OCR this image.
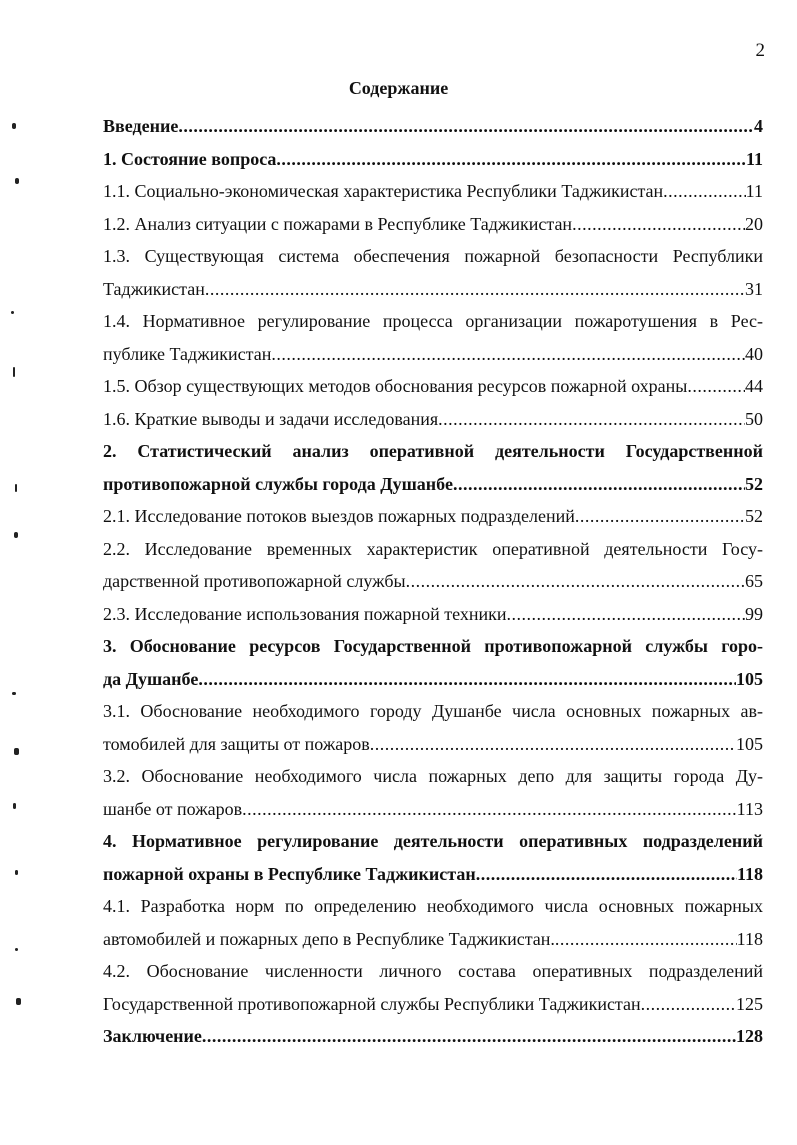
2
Содержание
Введение .....	4
1. Состояние вопроса .....	11
1.1. Социально-экономическая характеристика Республики Таджикистан .....	11
1.2. Анализ ситуации с пожарами в Республике Таджикистан .....	20
1.3. Существующая система обеспечения пожарной безопасности Республики
Таджикистан .....	31
1.4. Нормативное регулирование процесса организации пожаротушения в Рес-
публике Таджикистан .....	40
1.5. Обзор существующих методов обоснования ресурсов пожарной охраны .....	44
1.6. Краткие выводы и задачи исследования .....	50
2. Статистический анализ оперативной деятельности Государственной
противопожарной службы города Душанбе .....	52
2.1. Исследование потоков выездов пожарных подразделений .....	52
2.2. Исследование временных характеристик оперативной деятельности Госу-
дарственной противопожарной службы .....	65
2.3. Исследование использования пожарной техники .....	99
3. Обоснование ресурсов Государственной противопожарной службы горо-
да Душанбе .....	105
3.1. Обоснование необходимого городу Душанбе числа основных пожарных ав-
томобилей для защиты от пожаров .....	105
3.2. Обоснование необходимого числа пожарных депо для защиты города Ду-
шанбе от пожаров .....	113
4. Нормативное регулирование деятельности оперативных подразделений
пожарной охраны в Республике Таджикистан .....	118
4.1. Разработка норм по определению необходимого числа основных пожарных
автомобилей и пожарных депо в Республике Таджикистан. .....	118
4.2. Обоснование численности личного состава оперативных подразделений
Государственной противопожарной службы Республики Таджикистан .....	125
Заключение .....	128
